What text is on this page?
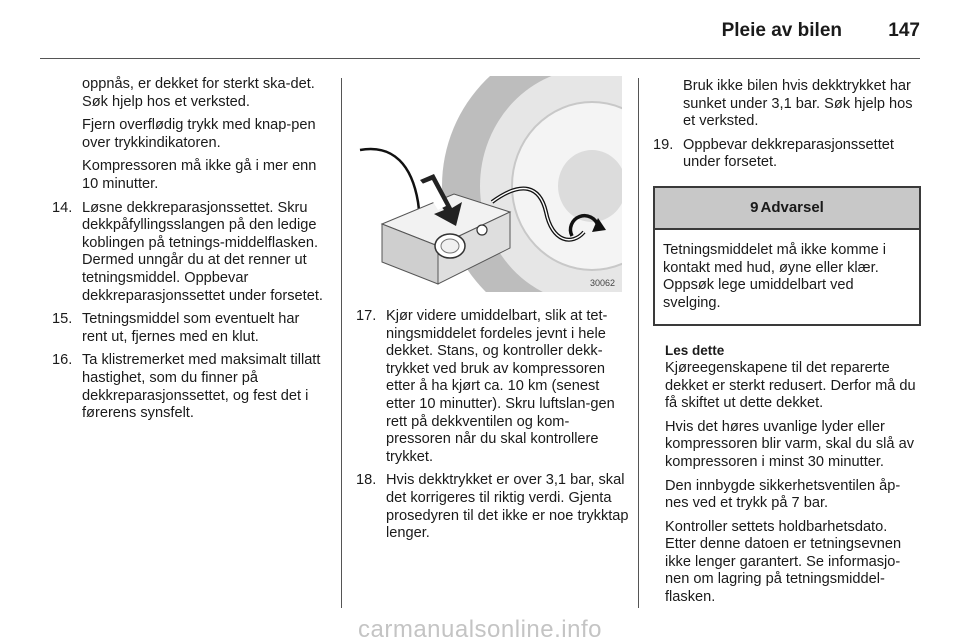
Pleie av bilen 147

oppnås, er dekket for sterkt ska-det. Søk hjelp hos et verksted.

Fjern overflødig trykk med knap-pen over trykkindikatoren.

Kompressoren må ikke gå i mer enn 10 minutter.

14. Løsne dekkreparasjonssettet. Skru dekkpåfyllingsslangen på den ledige koblingen på tetnings-middelflasken. Dermed unngår du at det renner ut tetningsmiddel. Oppbevar dekkreparasjonssettet under forsetet.
15. Tetningsmiddel som eventuelt har rent ut, fjernes med en klut.
16. Ta klistremerket med maksimalt tillatt hastighet, som du finner på dekkreparasjonssettet, og fest det i førerens synsfelt.
30062
17. Kjør videre umiddelbart, slik at tet-ningsmiddelet fordeles jevnt i hele dekket. Stans, og kontroller dekk-trykket ved bruk av kompressoren etter å ha kjørt ca. 10 km (senest etter 10 minutter). Skru luftslan-gen rett på dekkventilen og kom-pressoren når du skal kontrollere trykket.
18. Hvis dekktrykket er over 3,1 bar, skal det korrigeres til riktig verdi. Gjenta prosedyren til det ikke er noe trykktap lenger.

Bruk ikke bilen hvis dekktrykket har sunket under 3,1 bar. Søk hjelp hos et verksted.

19. Oppbevar dekkreparasjonssettet under forsetet.
9 Advarsel
Tetningsmiddelet må ikke komme i kontakt med hud, øyne eller klær. Oppsøk lege umiddelbart ved svelging.

Les dette
Kjøreegenskapene til det reparerte dekket er sterkt redusert. Derfor må du få skiftet ut dette dekket.

Hvis det høres uvanlige lyder eller kompressoren blir varm, skal du slå av kompressoren i minst 30 minutter.

Den innbygde sikkerhetsventilen åp-nes ved et trykk på 7 bar.

Kontroller settets holdbarhetsdato. Etter denne datoen er tetningsevnen ikke lenger garantert. Se informasjo-nen om lagring på tetningsmiddel-flasken.

carmanualsonline.info
